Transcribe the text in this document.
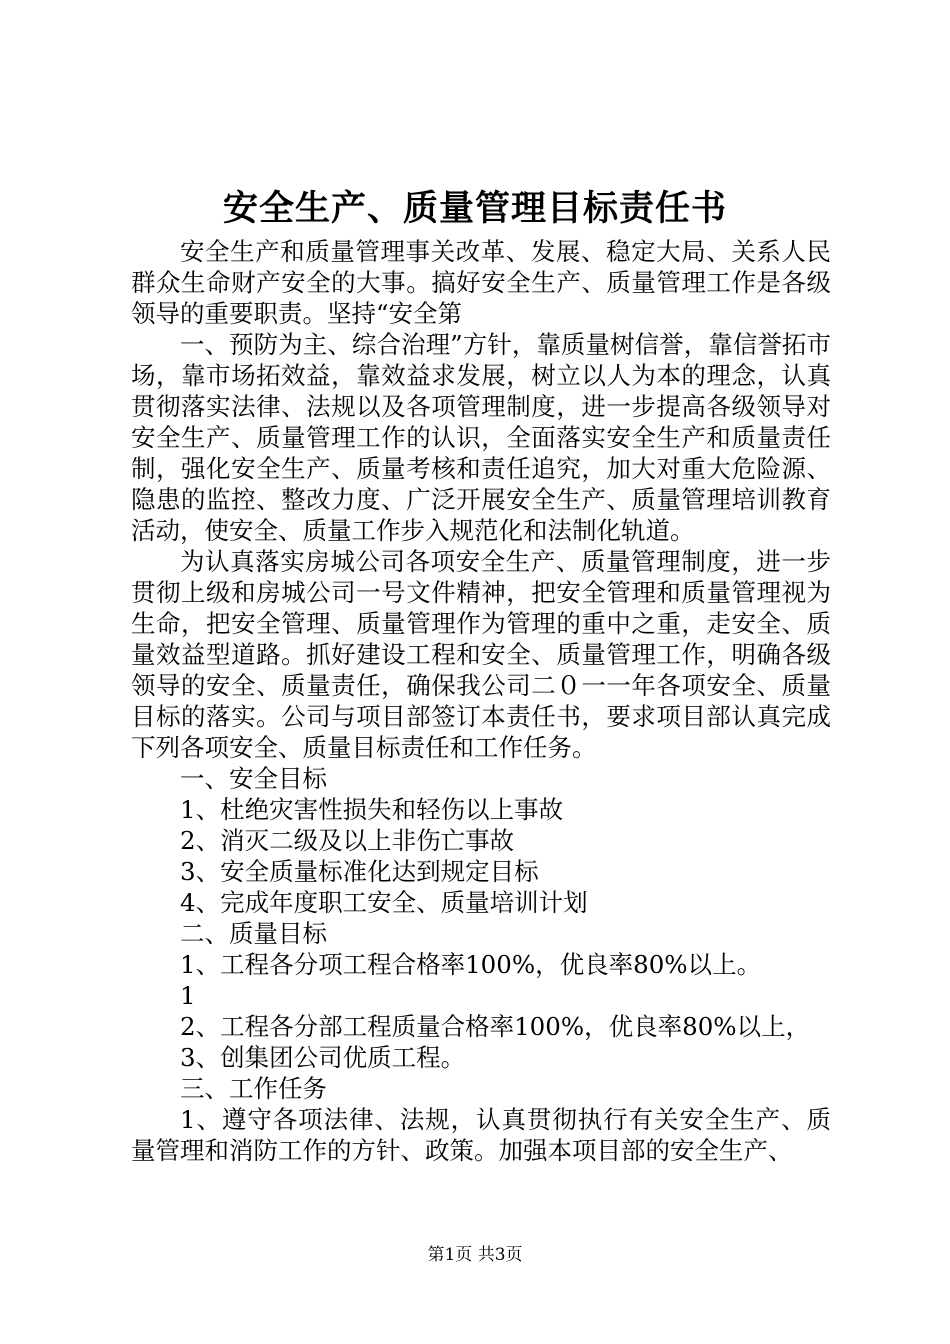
安全生产、质量管理目标责任书

安全生产和质量管理事关改革、发展、稳定大局、关系人民群众生命财产安全的大事。搞好安全生产、质量管理工作是各级领导的重要职责。坚持“安全第

一、预防为主、综合治理”方针，靠质量树信誉，靠信誉拓市场，靠市场拓效益，靠效益求发展，树立以人为本的理念，认真贯彻落实法律、法规以及各项管理制度，进一步提高各级领导对安全生产、质量管理工作的认识，全面落实安全生产和质量责任制，强化安全生产、质量考核和责任追究，加大对重大危险源、隐患的监控、整改力度、广泛开展安全生产、质量管理培训教育活动，使安全、质量工作步入规范化和法制化轨道。

为认真落实房城公司各项安全生产、质量管理制度，进一步贯彻上级和房城公司一号文件精神，把安全管理和质量管理视为生命，把安全管理、质量管理作为管理的重中之重，走安全、质量效益型道路。抓好建设工程和安全、质量管理工作，明确各级领导的安全、质量责任，确保我公司二０一一年各项安全、质量目标的落实。公司与项目部签订本责任书，要求项目部认真完成下列各项安全、质量目标责任和工作任务。

一、安全目标

1、杜绝灾害性损失和轻伤以上事故

2、消灭二级及以上非伤亡事故

3、安全质量标准化达到规定目标

4、完成年度职工安全、质量培训计划

二、质量目标

1、工程各分项工程合格率100%，优良率80%以上。

1

2、工程各分部工程质量合格率100%，优良率80%以上，

3、创集团公司优质工程。

三、工作任务

1、遵守各项法律、法规，认真贯彻执行有关安全生产、质量管理和消防工作的方针、政策。加强本项目部的安全生产、

第1页 共3页
